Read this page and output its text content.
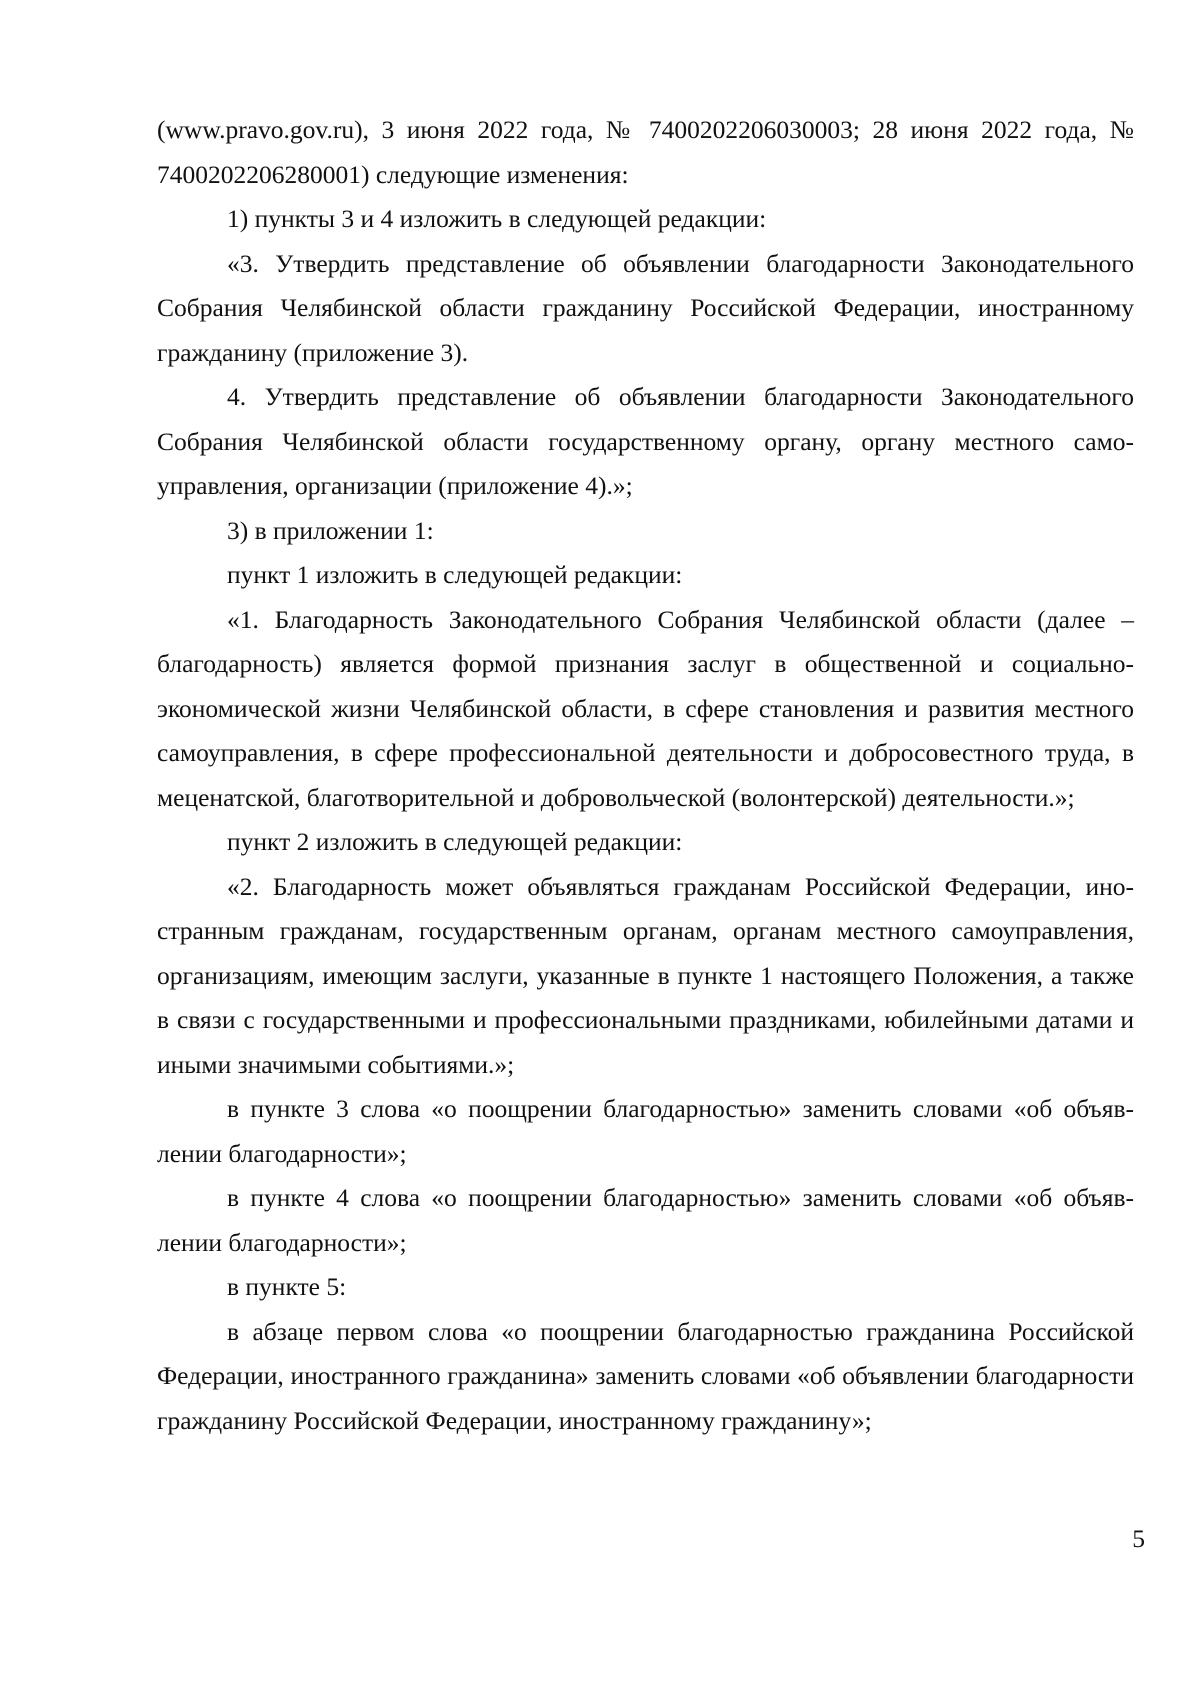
(www.pravo.gov.ru), 3 июня 2022 года, № 7400202206030003; 28 июня 2022 года, № 7400202206280001) следующие изменения:

1) пункты 3 и 4 изложить в следующей редакции:

«3. Утвердить представление об объявлении благодарности Законодательного Собрания Челябинской области гражданину Российской Федерации, иностранному гражданину (приложение 3).

4. Утвердить представление об объявлении благодарности Законодательного Собрания Челябинской области государственному органу, органу местного самоуправления, организации (приложение 4).»;

3) в приложении 1:

пункт 1 изложить в следующей редакции:

«1. Благодарность Законодательного Собрания Челябинской области (далее – благодарность) является формой признания заслуг в общественной и социально-экономической жизни Челябинской области, в сфере становления и развития местного самоуправления, в сфере профессиональной деятельности и добросовестного труда, в меценатской, благотворительной и добровольческой (волонтерской) деятельности.»;

пункт 2 изложить в следующей редакции:

«2. Благодарность может объявляться гражданам Российской Федерации, иностранным гражданам, государственным органам, органам местного самоуправления, организациям, имеющим заслуги, указанные в пункте 1 настоящего Положения, а также в связи с государственными и профессиональными праздниками, юбилейными датами и иными значимыми событиями.»;

в пункте 3 слова «о поощрении благодарностью» заменить словами «об объявлении благодарности»;

в пункте 4 слова «о поощрении благодарностью» заменить словами «об объявлении благодарности»;

в пункте 5:

в абзаце первом слова «о поощрении благодарностью гражданина Российской Федерации, иностранного гражданина» заменить словами «об объявлении благодарности гражданину Российской Федерации, иностранному гражданину»;

5
